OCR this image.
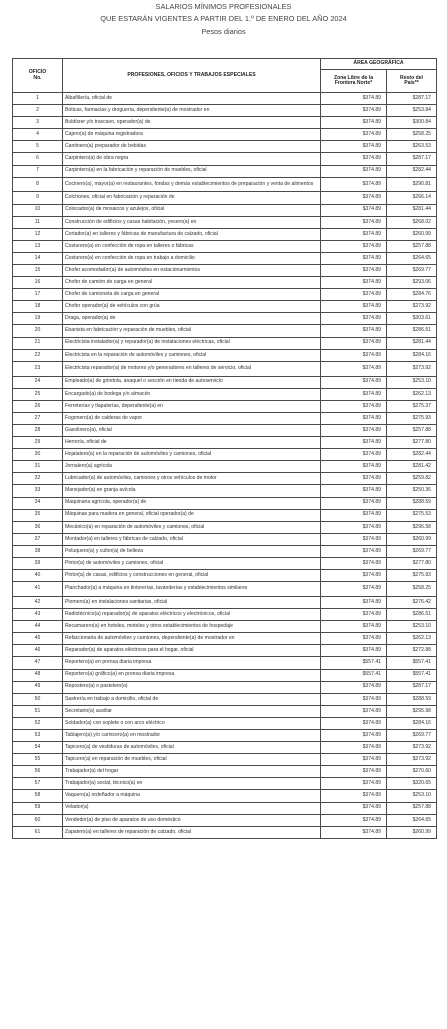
SALARIOS MÍNIMOS PROFESIONALES
QUE ESTARÁN VIGENTES A PARTIR DEL 1.º DE ENERO DEL AÑO 2024
Pesos diarios
OFICIO
No.	PROFESIONES, OFICIOS Y TRABAJOS ESPECIALES	ÁREA GEOGRÁFICA	
		Zona Libre de la
Frontera Norte*	Resto del
País**
1	Albañilería, oficial de	$374.89	$287.17
2	Boticas, farmacias y droguería, dependiente(a) de mostrador en	$374.89	$253.84
3	Buldózer y/o traxcavo, operador(a) de	$374.89	$300.84
4	Cajero(a) de máquina registradora	$374.89	$258.25
5	Cantinero(a) preparador de bebidas	$374.89	$263.53
6	Carpintero(a) de obra negra	$374.89	$287.17
7	Carpintero(a) en la fabricación y reparación de muebles, oficial	$374.89	$282.44
8	Cocinero(a), mayor(a) en restaurantes, fondas y demás establecimientos de preparación y venta de alimentos	$374.89	$290.81
9	Colchones, oficial en fabricación y reparación de	$374.89	$266.14
10	Colocador(a) de mosaicos y azulejos, oficial	$374.89	$281.44
11	Construcción de edificios y casas habitación, yesero(a) en	$374.89	$268.02
12	Cortador(a) en talleres y fábricas de manufactura de calzado, oficial	$374.89	$260.99
13	Costurero(a) en confección de ropa en talleres o fábricas	$374.89	$257.88
14	Costurero(a) en confección de ropa en trabajo a domicilio	$374.89	$264.65
15	Chofer acomodador(a) de automóviles en estacionamientos	$374.89	$269.77
16	Chofer de camión de carga en general	$374.89	$293.06
17	Chofer de camioneta de carga en general	$374.89	$284.76
18	Chofer operador(a) de vehículos con grúa	$374.89	$273.92
19	Draga, operador(a) de	$374.89	$303.61
20	Ebanista en fabricación y reparación de muebles, oficial	$374.89	$286.51
21	Electricista instalador(a) y reparador(a) de instalaciones eléctricas, oficial	$374.89	$281.44
22	Electricista en la reparación de automóviles y camiones, oficial	$374.89	$284.16
23	Electricista reparador(a) de motores y/o generadores en talleres de servicio, oficial	$374.89	$273.92
24	Empleado(a) de góndola, anaquel o sección en tienda de autoservicio	$374.89	$253.10
25	Encargado(a) de bodega y/o almacén	$374.89	$262.13
26	Ferreterías y tlapalerías, dependiente(a) en	$374.89	$275.37
27	Fogonero(a) de calderas de vapor	$374.89	$275.93
28	Gasolinero(a), oficial	$374.89	$257.88
29	Herrería, oficial de	$374.89	$277.80
30	Hojalatero(a) en la reparación de automóviles y camiones, oficial	$374.89	$282.44
31	Jornalero(a) agrícola	$374.89	$281.42
32	Lubricador(a) de automóviles, camiones y otros vehículos de motor	$374.89	$259.82
33	Manejador(a) en granja avícola	$374.89	$250.36
34	Maquinaria agrícola, operador(a) de	$374.89	$288.59
35	Máquinas para madera en general, oficial operador(a) de	$374.89	$275.53
36	Mecánico(a) en reparación de automóviles y camiones, oficial	$374.89	$296.58
37	Montador(a) en talleres y fábricas de calzado, oficial	$374.89	$260.99
38	Peluquero(a) y cultor(a) de belleza	$374.89	$269.77
39	Pintor(a) de automóviles y camiones, oficial	$374.89	$277.80
40	Pintor(a) de casas, edificios y construcciones en general, oficial	$374.89	$275.93
41	Planchador(a) a máquina en tintorerías, lavanderías y establecimientos similares	$374.89	$258.25
42	Plomero(a) en instalaciones sanitarias, oficial	$374.89	$276.42
43	Radiotécnico(a) reparador(a) de aparatos eléctricos y electrónicos, oficial	$374.89	$286.51
44	Recamarero(a) en hoteles, moteles y otros establecimientos de hospedaje	$374.89	$253.10
45	Refaccionaria de automóviles y camiones, dependiente(a) de mostrador en	$374.89	$262.13
46	Reparador(a) de aparatos eléctricos para el hogar, oficial	$374.89	$272.88
47	Reportero(a) en prensa diaria impresa	$557.41	$557.41
48	Reportero(a) gráfico(a) en prensa diaria impresa	$557.41	$557.41
49	Repostero(a) o pastelero(a)	$374.89	$287.17
50	Sastrería en trabajo a domicilio, oficial de	$374.89	$288.59
51	Secretario(a) auxiliar	$374.89	$295.98
52	Soldador(a) con soplete o con arco eléctrico	$374.89	$284.16
53	Tablajero(a) y/o carnicero(a) en mostrador	$374.89	$269.77
54	Tapicero(a) de vestiduras de automóviles, oficial	$374.89	$273.92
55	Tapicero(a) en reparación de muebles, oficial	$374.89	$273.92
56	Trabajador(a) del hogar	$374.89	$270.60
57	Trabajador(a) social, técnico(a) en	$374.89	$320.65
58	Vaquero(a) ordeñador a máquina	$374.89	$253.10
59	Velador(a)	$374.89	$257.88
60	Vendedor(a) de piso de aparatos de uso doméstico	$374.89	$264.65
61	Zapatero(a) en talleres de reparación de calzado, oficial	$374.89	$260.99
